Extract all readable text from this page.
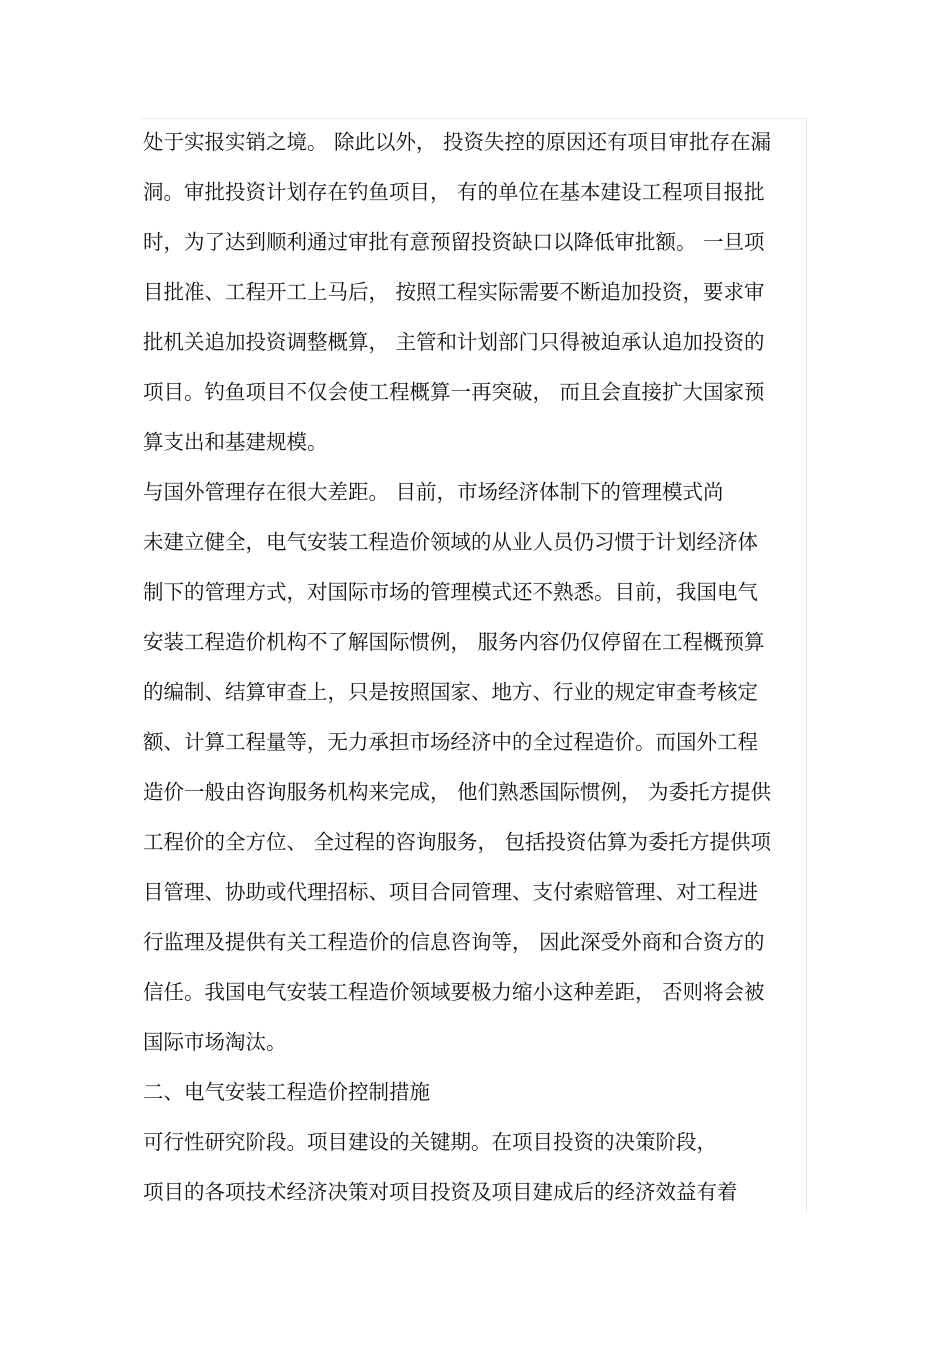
处于实报实销之境。 除此以外， 投资失控的原因还有项目审批存在漏
洞。审批投资计划存在钓鱼项目， 有的单位在基本建设工程项目报批
时，为了达到顺利通过审批有意预留投资缺口以降低审批额。 一旦项
目批准、工程开工上马后， 按照工程实际需要不断追加投资，要求审
批机关追加投资调整概算， 主管和计划部门只得被迫承认追加投资的
项目。钓鱼项目不仅会使工程概算一再突破， 而且会直接扩大国家预
算支出和基建规模。
与国外管理存在很大差距。 目前，市场经济体制下的管理模式尚
未建立健全，电气安装工程造价领域的从业人员仍习惯于计划经济体
制下的管理方式，对国际市场的管理模式还不熟悉。目前，我国电气
安装工程造价机构不了解国际惯例， 服务内容仍仅停留在工程概预算
的编制、结算审查上，只是按照国家、地方、行业的规定审查考核定
额、计算工程量等，无力承担市场经济中的全过程造价。而国外工程
造价一般由咨询服务机构来完成， 他们熟悉国际惯例， 为委托方提供
工程价的全方位、 全过程的咨询服务， 包括投资估算为委托方提供项
目管理、协助或代理招标、项目合同管理、支付索赔管理、对工程进
行监理及提供有关工程造价的信息咨询等， 因此深受外商和合资方的
信任。我国电气安装工程造价领域要极力缩小这种差距， 否则将会被
国际市场淘汰。
二、电气安装工程造价控制措施
可行性研究阶段。项目建设的关键期。在项目投资的决策阶段，
项目的各项技术经济决策对项目投资及项目建成后的经济效益有着
